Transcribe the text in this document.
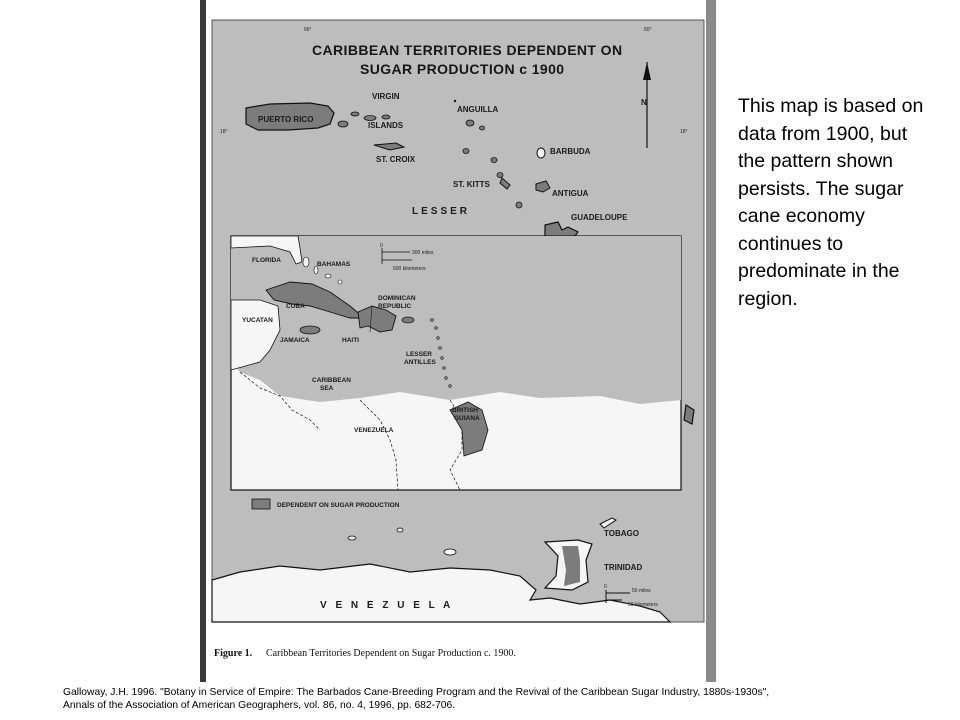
CARIBBEAN TERRITORIES DEPENDENT ON
SUGAR PRODUCTION c 1900
66°	60°
18°	18°
N
PUERTO RICO
VIRGIN
ISLANDS
ST. CROIX
ANGUILLA
BARBUDA
ST. KITTS
ANTIGUA
LESSER
GUADELOUPE
TOBAGO
TRINIDAD
V E N E Z U E L A
0
50 miles
50 kilometers
FLORIDA
BAHAMAS
CUBA
DOMINICAN
REPUBLIC
YUCATAN
JAMAICA	HAITI
LESSER
ANTILLES
CARIBBEAN
SEA
BRITISH
GUIANA
VENEZUELA
0
300 miles
500 kilometers
DEPENDENT ON SUGAR PRODUCTION
Figure 1. Caribbean Territories Dependent on Sugar Production c. 1900.

This map is based on data from 1900, but the pattern shown persists. The sugar cane economy continues to predominate in the region.

Galloway, J.H. 1996. "Botany in Service of Empire: The Barbados Cane-Breeding Program and the Revival of the Caribbean Sugar Industry, 1880s-1930s",
Annals of the Association of American Geographers, vol. 86, no. 4, 1996, pp. 682-706.
